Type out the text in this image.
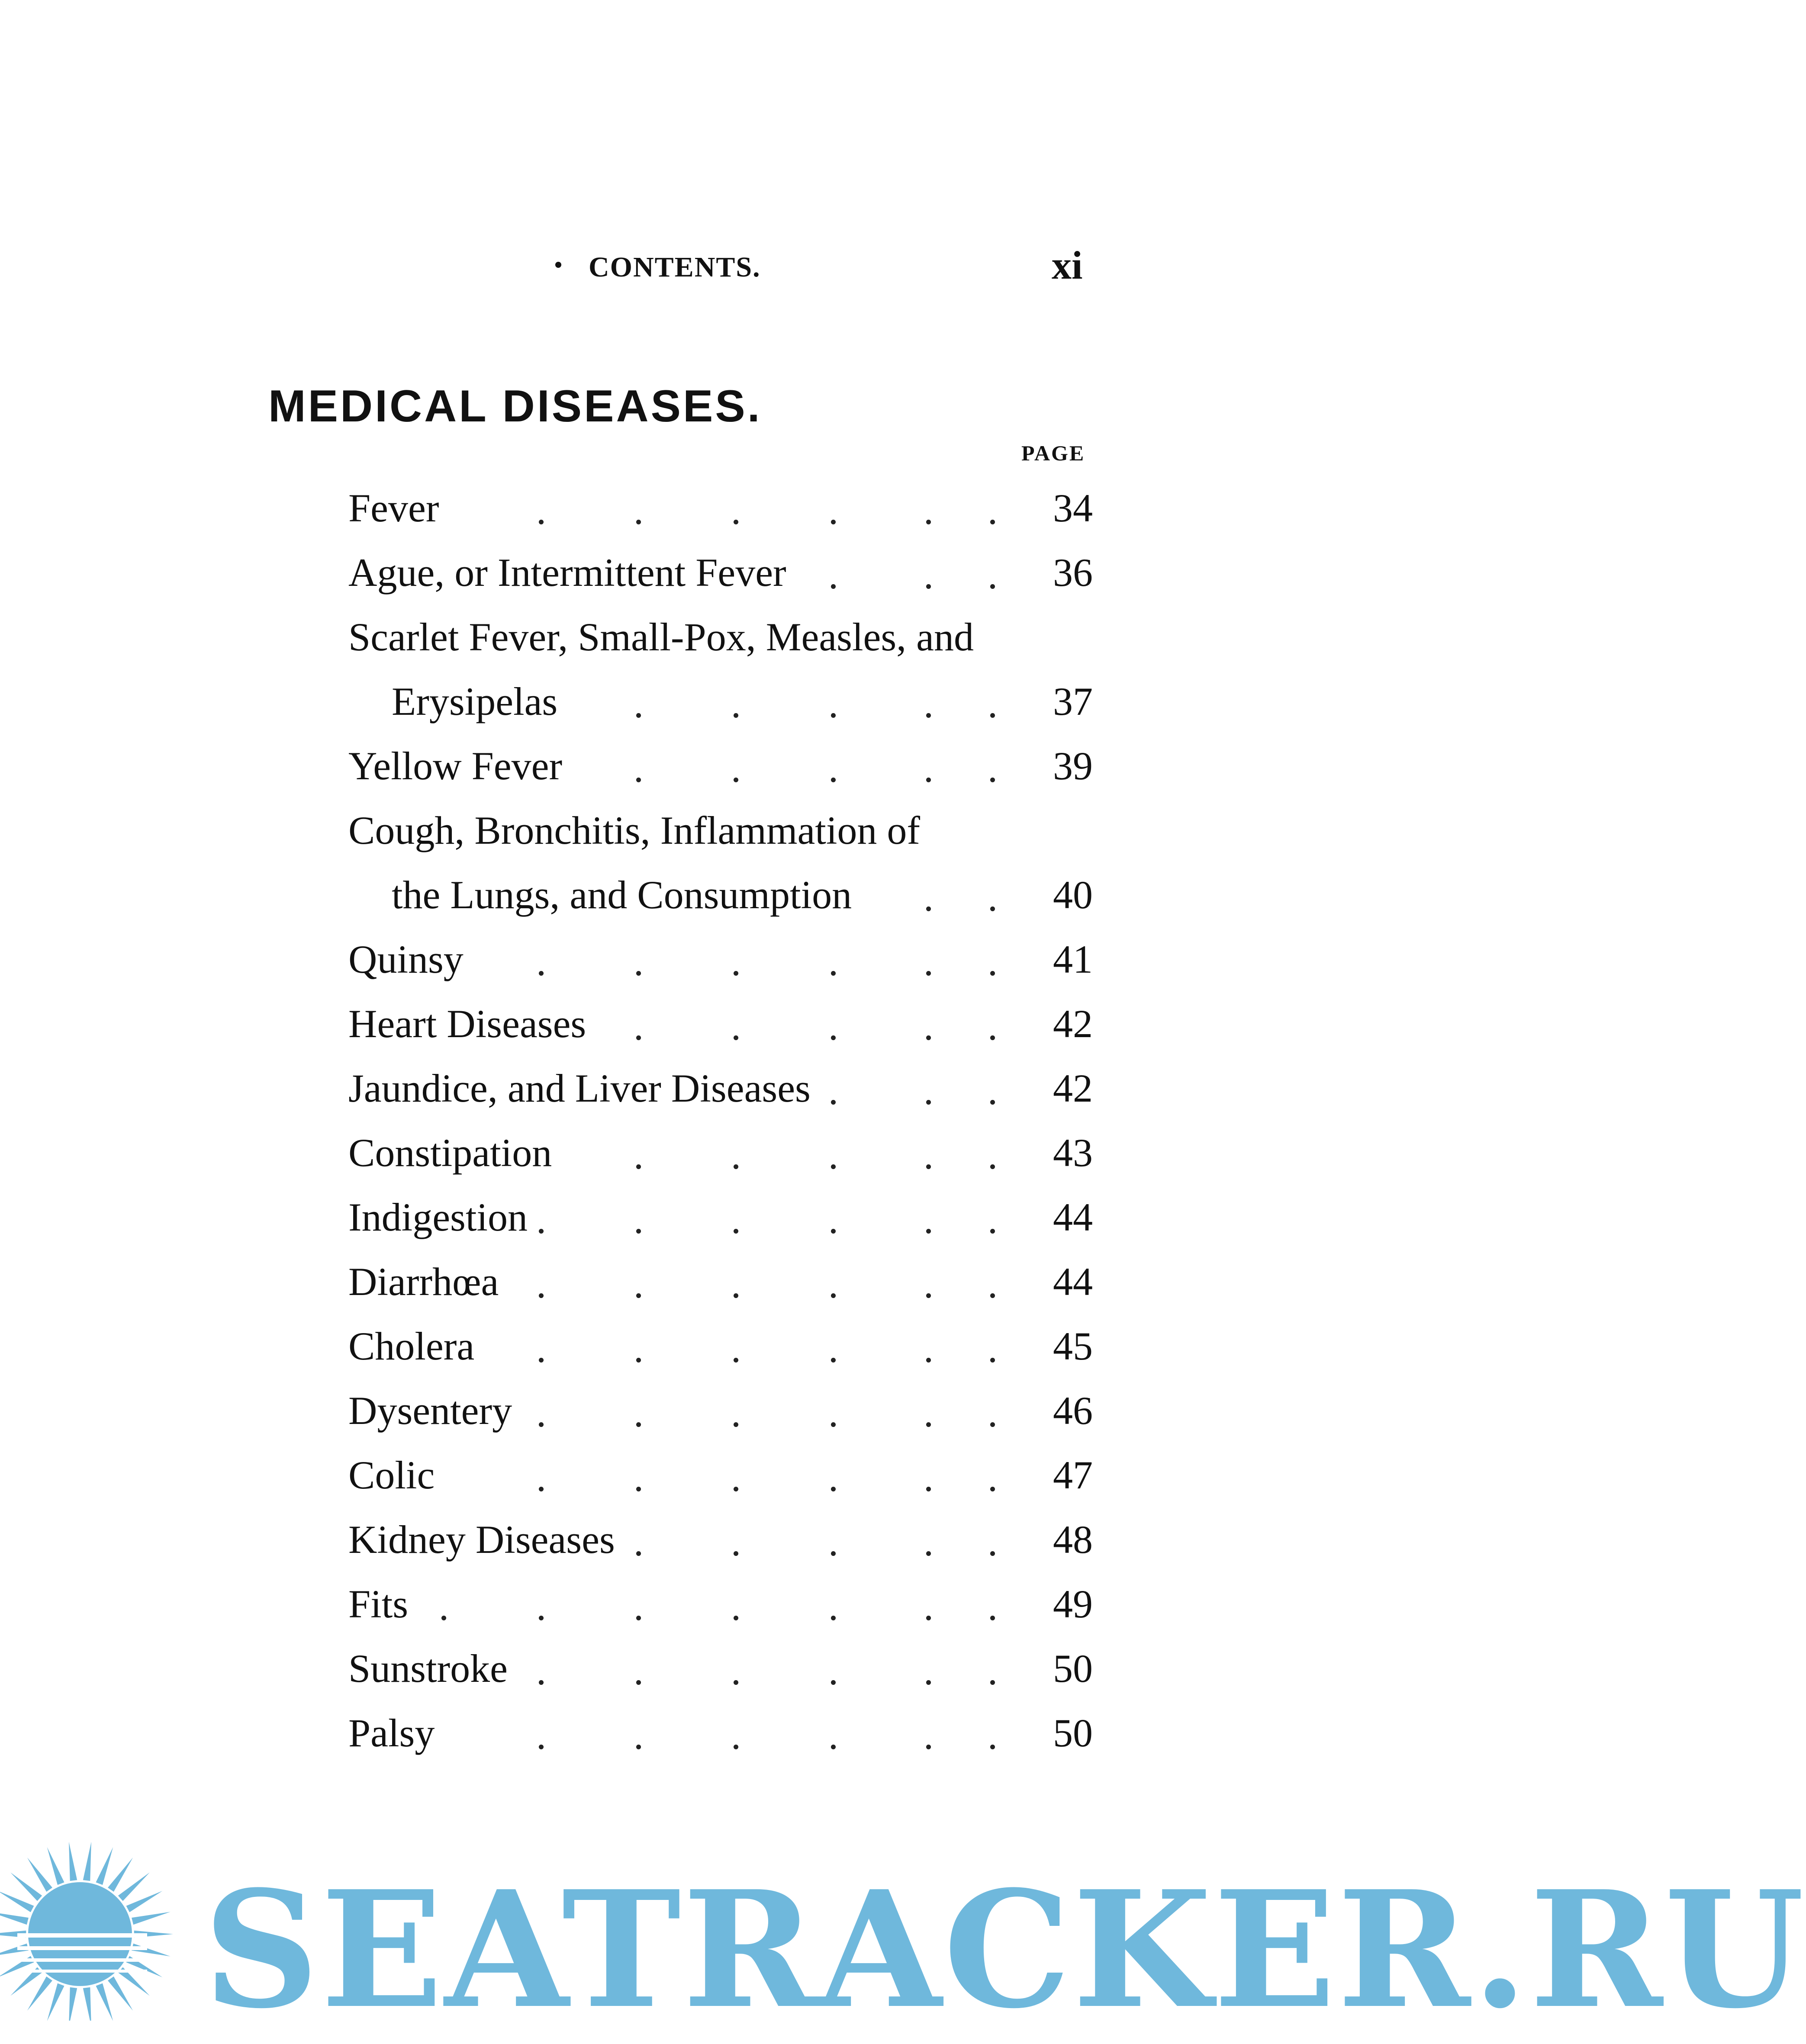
CONTENTS.	xi
MEDICAL DISEASES.
PAGE
Fever	34
Ague, or Intermittent Fever	36
Scarlet Fever, Small-Pox, Measles, and
Erysipelas	37
Yellow Fever	39
Cough, Bronchitis, Inflammation of
the Lungs, and Consumption	40
Quinsy	41
Heart Diseases	42
Jaundice, and Liver Diseases	42
Constipation	43
Indigestion	44
Diarrhœa	44
Cholera	45
Dysentery	46
Colic	47
Kidney Diseases	48
Fits	49
Sunstroke	50
Palsy	50
SEATRACKER.RU
